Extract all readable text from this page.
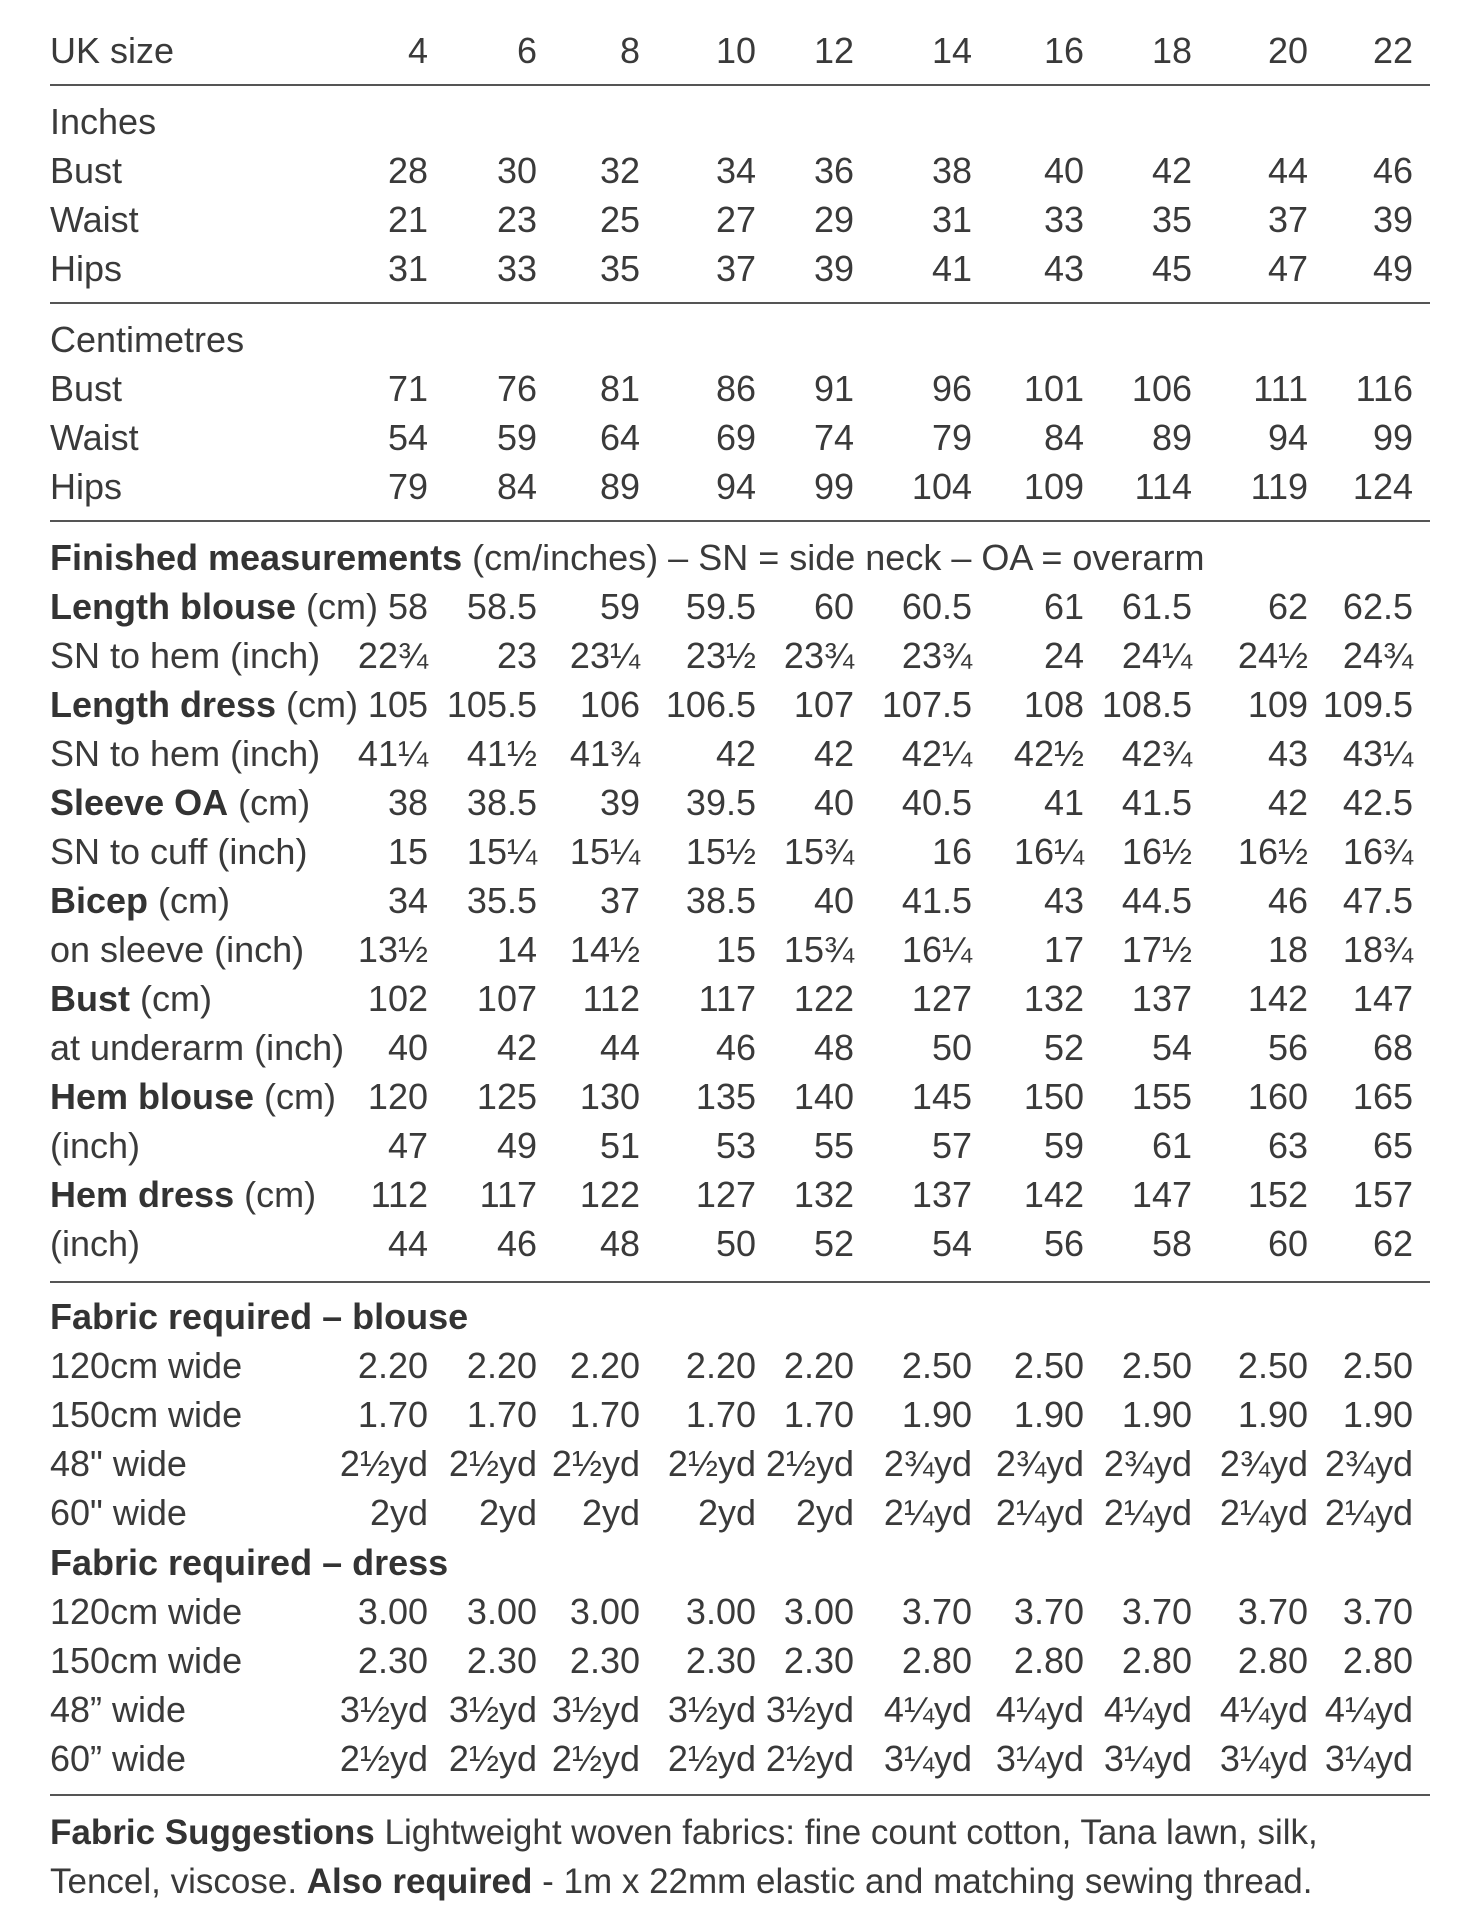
UK size	4 6 8 10 12 14 16 18 20 22
Inches
Bust	28 30 32 34 36 38 40 42 44 46
Waist	21 23 25 27 29 31 33 35 37 39
Hips	31 33 35 37 39 41 43 45 47 49
Centimetres
Bust	71 76 81 86 91 96 101 106 111 116
Waist	54 59 64 69 74 79 84 89 94 99
Hips	79 84 89 94 99 104 109 114 119 124
Finished measurements (cm/inches) – SN = side neck – OA = overarm
Length blouse (cm) 58 58.5 59 59.5 60 60.5 61 61.5 62 62.5
SN to hem (inch) 22¾ 23 23¼ 23½ 23¾ 23¾ 24 24¼ 24½ 24¾
Length dress (cm) 105 105.5 106 106.5 107 107.5 108 108.5 109 109.5
SN to hem (inch) 41¼ 41½ 41¾ 42 42 42¼ 42½ 42¾ 43 43¼
Sleeve OA (cm) 38 38.5 39 39.5 40 40.5 41 41.5 42 42.5
SN to cuff (inch) 15 15¼ 15¼ 15½ 15¾ 16 16¼ 16½ 16½ 16¾
Bicep (cm)	34 35.5 37 38.5 40 41.5 43 44.5 46 47.5
on sleeve (inch) 13½ 14 14½ 15 15¾ 16¼ 17 17½ 18 18¾
Bust (cm)	102 107 112 117 122 127 132 137 142 147
at underarm (inch) 40 42 44 46 48 50 52 54 56 68
Hem blouse (cm) 120 125 130 135 140 145 150 155 160 165
(inch)	47 49 51 53 55 57 59 61 63 65
Hem dress (cm) 112 117 122 127 132 137 142 147 152 157
(inch)	44 46 48 50 52 54 56 58 60 62
Fabric required – blouse
120cm wide	2.20 2.20 2.20 2.20 2.20 2.50 2.50 2.50 2.50 2.50
150cm wide	1.70 1.70 1.70 1.70 1.70 1.90 1.90 1.90 1.90 1.90
48" wide	2½yd 2½yd 2½yd 2½yd 2½yd 2¾yd 2¾yd 2¾yd 2¾yd 2¾yd
60" wide	2yd 2yd 2yd 2yd 2yd 2¼yd 2¼yd 2¼yd 2¼yd 2¼yd
Fabric required – dress
120cm wide	3.00 3.00 3.00 3.00 3.00 3.70 3.70 3.70 3.70 3.70
150cm wide	2.30 2.30 2.30 2.30 2.30 2.80 2.80 2.80 2.80 2.80
48” wide	3½yd 3½yd 3½yd 3½yd 3½yd 4¼yd 4¼yd 4¼yd 4¼yd 4¼yd
60” wide	2½yd 2½yd 2½yd 2½yd 2½yd 3¼yd 3¼yd 3¼yd 3¼yd 3¼yd
Fabric Suggestions Lightweight woven fabrics: fine count cotton, Tana lawn, silk, Tencel, viscose. Also required - 1m x 22mm elastic and matching sewing thread.
